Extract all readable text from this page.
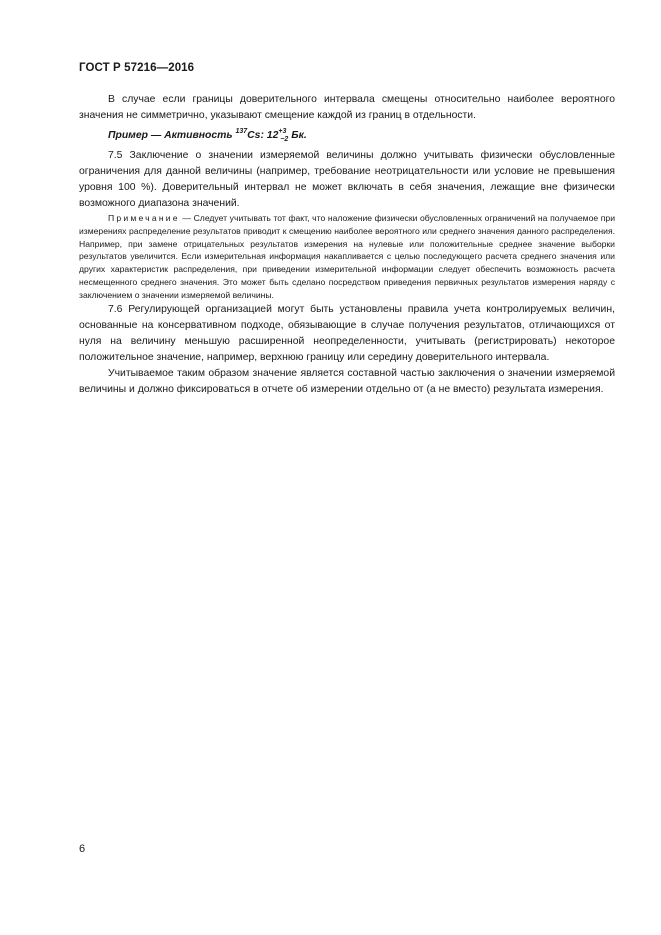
ГОСТ Р 57216—2016

В случае если границы доверительного интервала смещены относительно наиболее вероятного значения не симметрично, указывают смещение каждой из границ в отдельности.

Пример — Активность $^{137}$Cs: $12^{+3}_{-2}$ Бк.

7.5 Заключение о значении измеряемой величины должно учитывать физически обусловленные ограничения для данной величины (например, требование неотрицательности или условие не превышения уровня 100 %). Доверительный интервал не может включать в себя значения, лежащие вне физически возможного диапазона значений.

Примечание — Следует учитывать тот факт, что наложение физически обусловленных ограничений на получаемое при измерениях распределение результатов приводит к смещению наиболее вероятного или среднего значения данного распределения. Например, при замене отрицательных результатов измерения на нулевые или положительные среднее значение выборки результатов увеличится. Если измерительная информация накапливается с целью последующего расчета среднего значения или других характеристик распределения, при приведении измерительной информации следует обеспечить возможность расчета несмещенного среднего значения. Это может быть сделано посредством приведения первичных результатов измерения наряду с заключением о значении измеряемой величины.

7.6 Регулирующей организацией могут быть установлены правила учета контролируемых величин, основанные на консервативном подходе, обязывающие в случае получения результатов, отличающихся от нуля на величину меньшую расширенной неопределенности, учитывать (регистрировать) некоторое положительное значение, например, верхнюю границу или середину доверительного интервала.

Учитываемое таким образом значение является составной частью заключения о значении измеряемой величины и должно фиксироваться в отчете об измерении отдельно от (а не вместо) результата измерения.

6
